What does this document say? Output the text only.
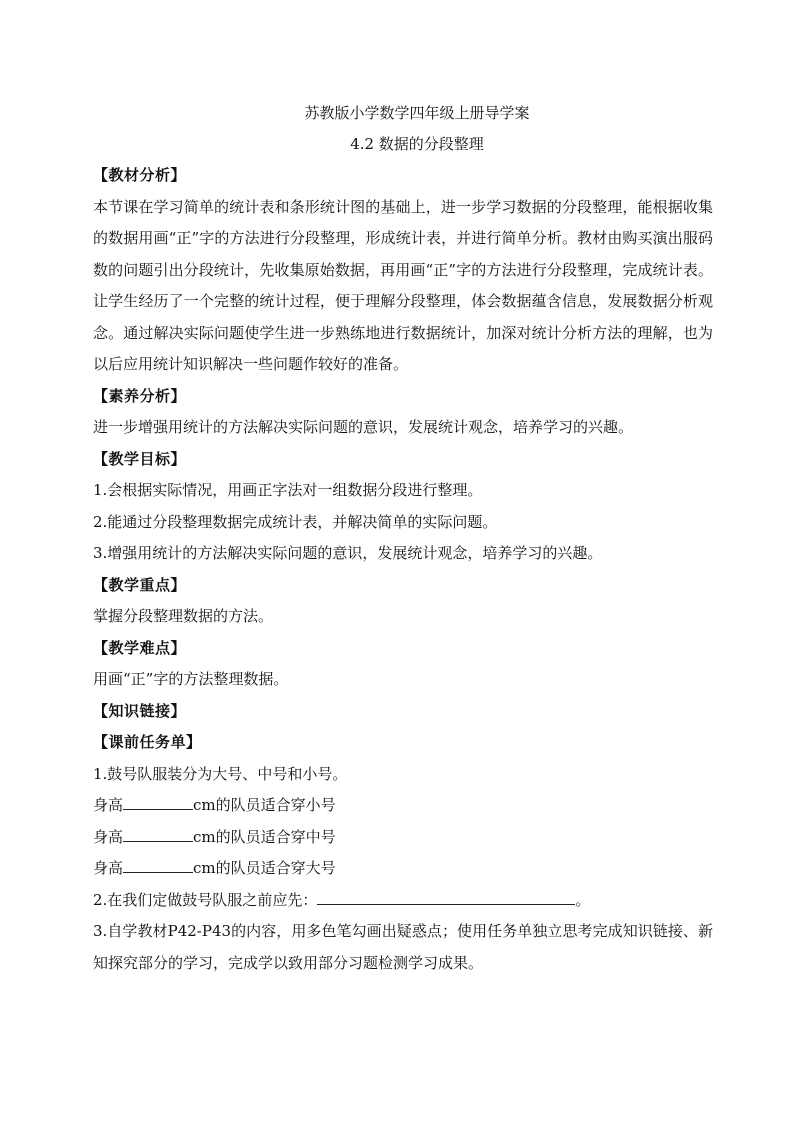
苏教版小学数学四年级上册导学案
4.2 数据的分段整理
【教材分析】
本节课在学习简单的统计表和条形统计图的基础上，进一步学习数据的分段整理，能根据收集的数据用画“正”字的方法进行分段整理，形成统计表，并进行简单分析。教材由购买演出服码数的问题引出分段统计，先收集原始数据，再用画“正”字的方法进行分段整理，完成统计表。让学生经历了一个完整的统计过程，便于理解分段整理，体会数据蕴含信息，发展数据分析观念。通过解决实际问题使学生进一步熟练地进行数据统计，加深对统计分析方法的理解，也为以后应用统计知识解决一些问题作较好的准备。
【素养分析】
进一步增强用统计的方法解决实际问题的意识，发展统计观念，培养学习的兴趣。
【教学目标】
1.会根据实际情况，用画正字法对一组数据分段进行整理。
2.能通过分段整理数据完成统计表，并解决简单的实际问题。
3.增强用统计的方法解决实际问题的意识，发展统计观念，培养学习的兴趣。
【教学重点】
掌握分段整理数据的方法。
【教学难点】
用画“正”字的方法整理数据。
【知识链接】
【课前任务单】
1.鼓号队服装分为大号、中号和小号。
身高	cm的队员适合穿小号
身高	cm的队员适合穿中号
身高	cm的队员适合穿大号
2.在我们定做鼓号队服之前应先：	。
3.自学教材P42-P43的内容，用多色笔勾画出疑惑点；使用任务单独立思考完成知识链接、新知探究部分的学习，完成学以致用部分习题检测学习成果。
